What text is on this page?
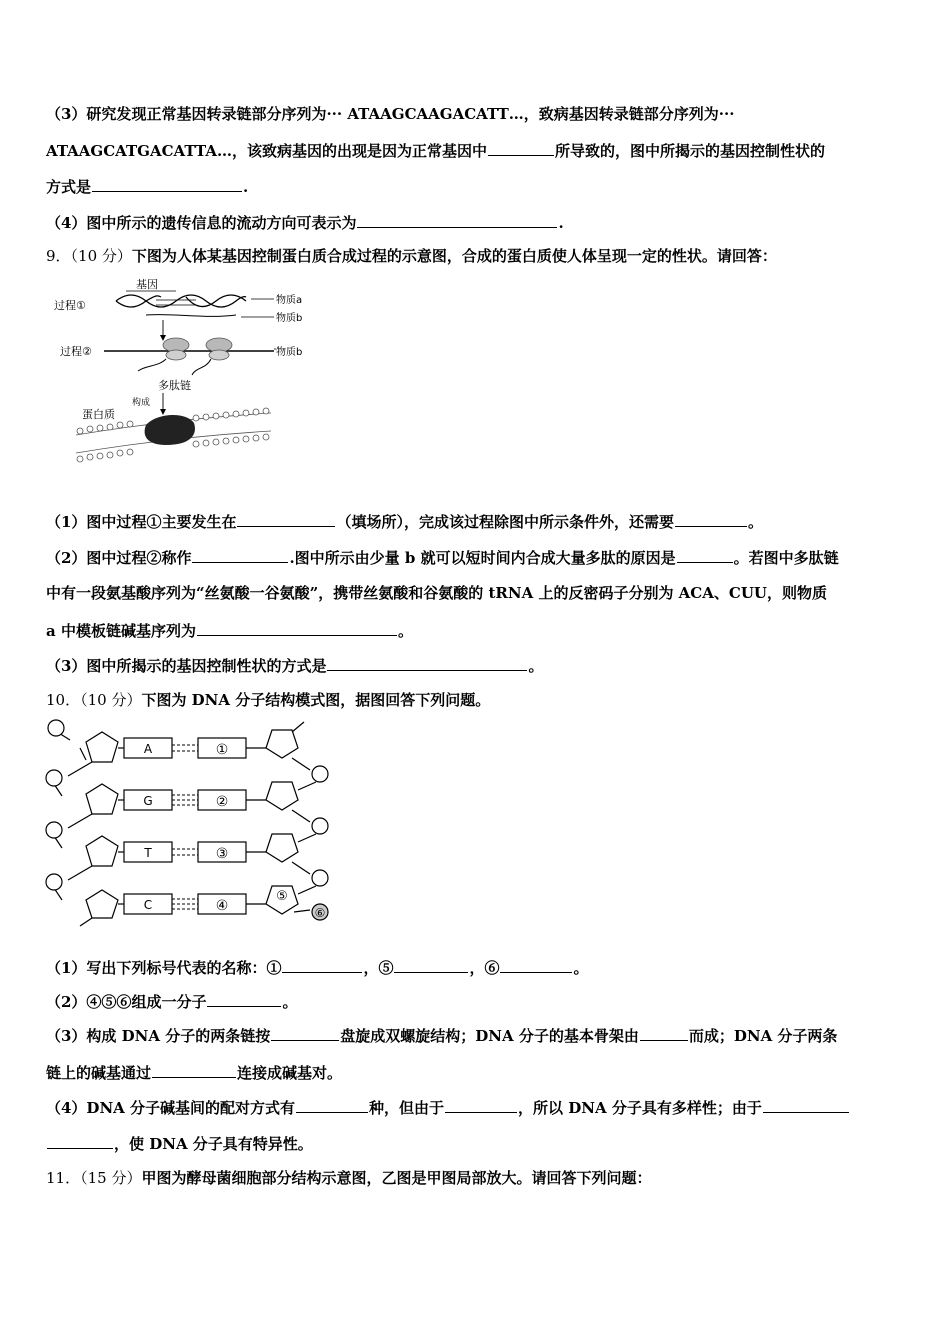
（3）研究发现正常基因转录链部分序列为··· ATAAGCAAGACATT…，致病基因转录链部分序列为···
ATAAGCATGACATTA…，该致病基因的出现是因为正常基因中	所导致的，图中所揭示的基因控制性状的
方式是	.
（4）图中所示的遗传信息的流动方向可表示为	.
9．（10 分）下图为人体某基因控制蛋白质合成过程的示意图，合成的蛋白质使人体呈现一定的性状。请回答：
基因
过程①	物质a
物质b
过程②	物质b
多肽链
构成
蛋白质
（1）图中过程①主要发生在	（填场所），完成该过程除图中所示条件外，还需要	。
（2）图中过程②称作	.图中所示由少量 b 就可以短时间内合成大量多肽的原因是	。若图中多肽链
中有一段氨基酸序列为“丝氨酸一谷氨酸”，携带丝氨酸和谷氨酸的 tRNA 上的反密码子分别为 ACA、CUU，则物质
a 中模板链碱基序列为	。
（3）图中所揭示的基因控制性状的方式是	。
10．（10 分）下图为 DNA 分子结构模式图，据图回答下列问题。
A
G
T
C
①
②
③
④
⑤
⑥
（1）写出下列标号代表的名称：①	，⑤	，⑥	。
（2）④⑤⑥组成一分子	。
（3）构成 DNA 分子的两条链按	盘旋成双螺旋结构；DNA 分子的基本骨架由	而成；DNA 分子两条
链上的碱基通过	连接成碱基对。
（4）DNA 分子碱基间的配对方式有	种，但由于	，所以 DNA 分子具有多样性；由于
，使 DNA 分子具有特异性。
11．（15 分）甲图为酵母菌细胞部分结构示意图，乙图是甲图局部放大。请回答下列问题：
